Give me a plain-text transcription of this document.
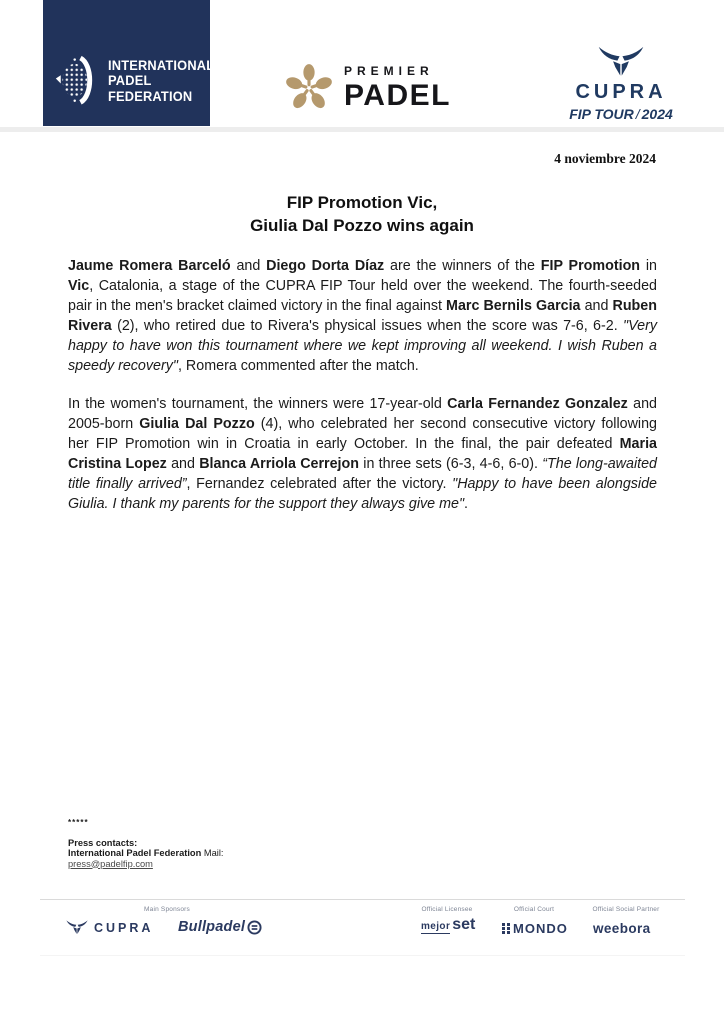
INTERNATIONAL
PADEL
FEDERATION
PREMIER
PADEL	CUPRA
FIP TOUR / 2024
4 noviembre 2024
FIP Promotion Vic,
Giulia Dal Pozzo wins again
Jaume Romera Barceló and Diego Dorta Díaz are the winners of the FIP Promotion in Vic, Catalonia, a stage of the CUPRA FIP Tour held over the weekend. The fourth-seeded pair in the men's bracket claimed victory in the final against Marc Bernils Garcia and Ruben Rivera (2), who retired due to Rivera's physical issues when the score was 7-6, 6-2. "Very happy to have won this tournament where we kept improving all weekend. I wish Ruben a speedy recovery", Romera commented after the match.
In the women's tournament, the winners were 17-year-old Carla Fernandez Gonzalez and 2005-born Giulia Dal Pozzo (4), who celebrated her second consecutive victory following her FIP Promotion win in Croatia in early October. In the final, the pair defeated Maria Cristina Lopez and Blanca Arriola Cerrejon in three sets (6-3, 4-6, 6-0). “The long-awaited title finally arrived”, Fernandez celebrated after the victory. "Happy to have been alongside Giulia. I thank my parents for the support they always give me".
*****
Press contacts:
International Padel Federation Mail:
press@padelfip.com
Main Sponsors	Official Licensee	Official Court	Official Social Partner
CUPRA Bullpadel	mejor set	MONDO weebora
